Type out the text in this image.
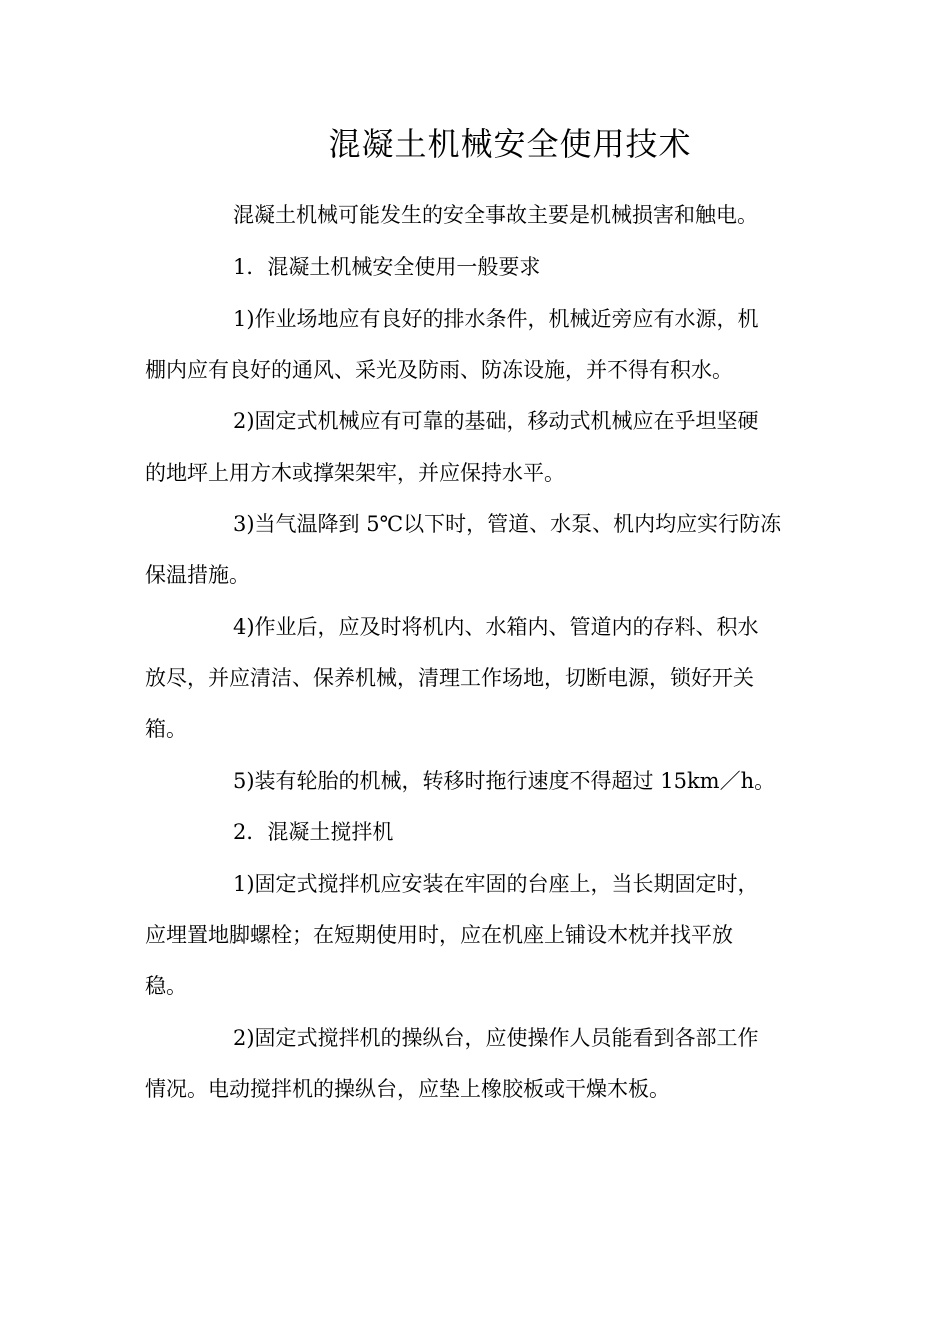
混凝土机械安全使用技术
混凝土机械可能发生的安全事故主要是机械损害和触电。
1．混凝土机械安全使用一般要求
1)作业场地应有良好的排水条件，机械近旁应有水源，机
棚内应有良好的通风、采光及防雨、防冻设施，并不得有积水。
2)固定式机械应有可靠的基础，移动式机械应在乎坦坚硬
的地坪上用方木或撑架架牢，并应保持水平。
3)当气温降到 5℃以下时，管道、水泵、机内均应实行防冻
保温措施。
4)作业后，应及时将机内、水箱内、管道内的存料、积水
放尽，并应清洁、保养机械，清理工作场地，切断电源，锁好开关
箱。
5)装有轮胎的机械，转移时拖行速度不得超过 15km／h。
2．混凝土搅拌机
1)固定式搅拌机应安装在牢固的台座上，当长期固定时，
应埋置地脚螺栓；在短期使用时，应在机座上铺设木枕并找平放
稳。
2)固定式搅拌机的操纵台，应使操作人员能看到各部工作
情况。电动搅拌机的操纵台，应垫上橡胶板或干燥木板。
